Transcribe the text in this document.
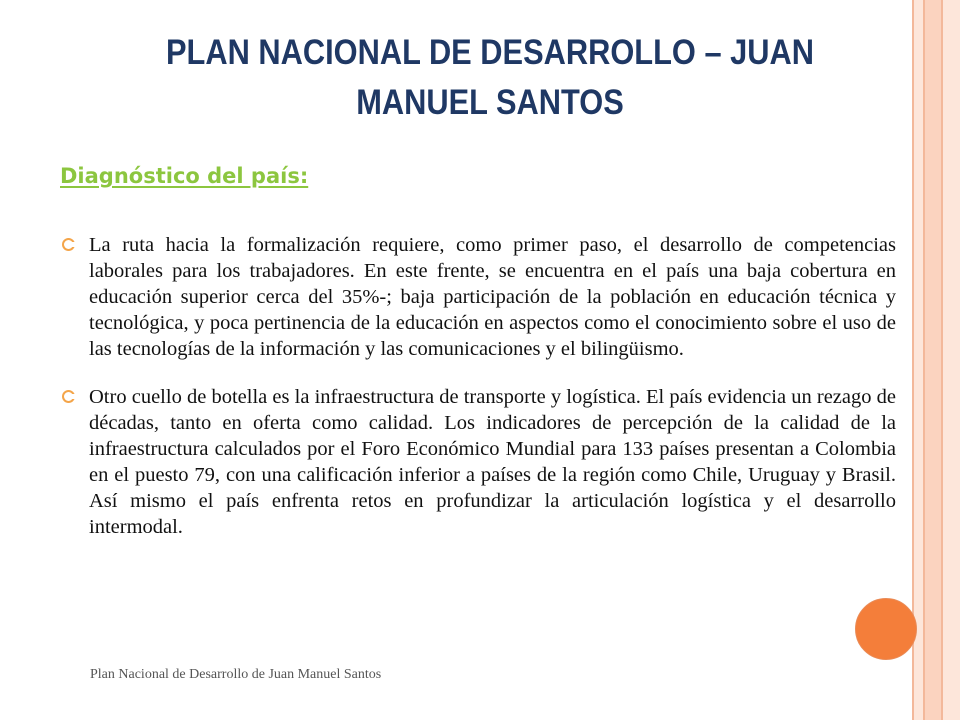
PLAN NACIONAL DE DESARROLLO – JUAN
MANUEL SANTOS
Diagnóstico del país:
La ruta hacia la formalización requiere, como primer paso, el desarrollo de competencias laborales para los trabajadores. En este frente, se encuentra en el país una baja cobertura en educación superior cerca del 35%-; baja participación de la población en educación técnica y tecnológica, y poca pertinencia de la educación en aspectos como el conocimiento sobre el uso de las tecnologías de la información y las comunicaciones y el bilingüismo.
Otro cuello de botella es la infraestructura de transporte y logística. El país evidencia un rezago de décadas, tanto en oferta como calidad. Los indicadores de percepción de la calidad de la infraestructura calculados por el Foro Económico Mundial para 133 países presentan a Colombia en el puesto 79, con una calificación inferior a países de la región como Chile, Uruguay y Brasil. Así mismo el país enfrenta retos en profundizar la articulación logística y el desarrollo intermodal.
Plan Nacional de Desarrollo de Juan Manuel Santos
